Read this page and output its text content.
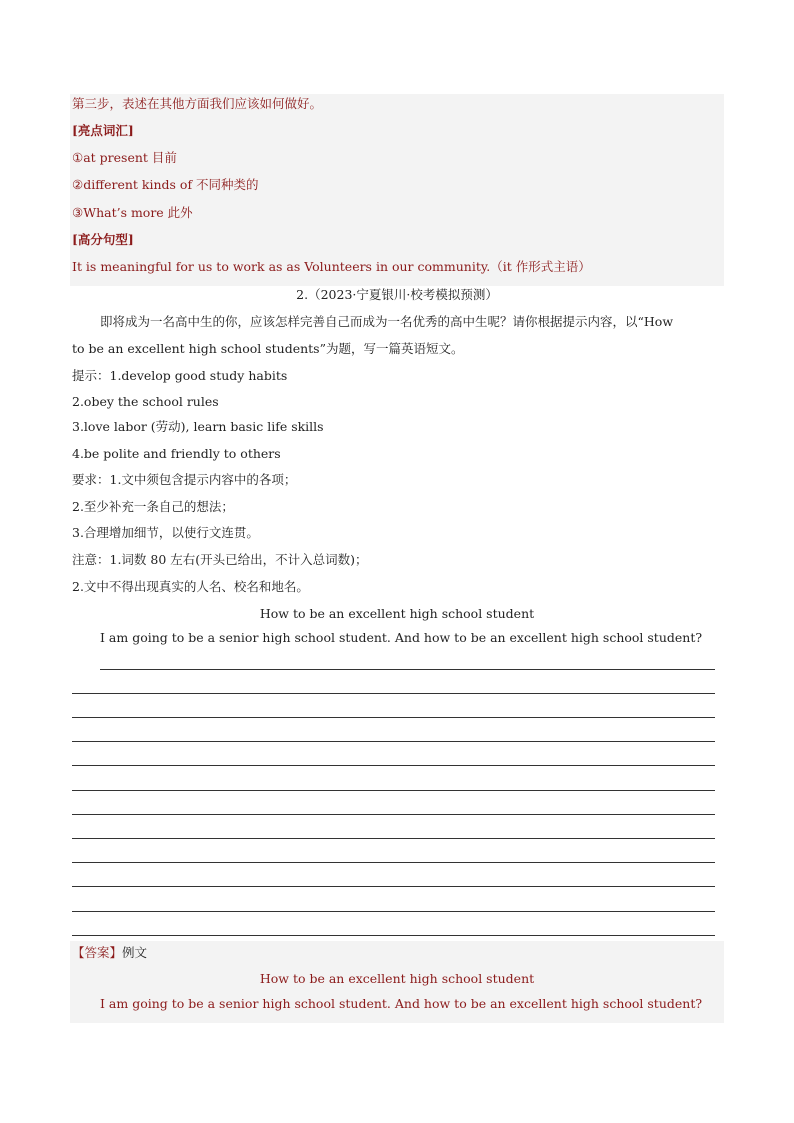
第三步，表述在其他方面我们应该如何做好。
[亮点词汇]
①at present 目前
②different kinds of 不同种类的
③What’s more 此外
[高分句型]
It is meaningful for us to work as as Volunteers in our community.（it 作形式主语）
2.（2023·宁夏银川·校考模拟预测）
即将成为一名高中生的你，应该怎样完善自己而成为一名优秀的高中生呢？请你根据提示内容，以“How
to be an excellent high school students”为题，写一篇英语短文。
提示：1.develop good study habits
2.obey the school rules
3.love labor (劳动), learn basic life skills
4.be polite and friendly to others
要求：1.文中须包含提示内容中的各项；
2.至少补充一条自己的想法；
3.合理增加细节，以使行文连贯。
注意：1.词数 80 左右(开头已给出，不计入总词数)；
2.文中不得出现真实的人名、校名和地名。
How to be an excellent high school student
I am going to be a senior high school student. And how to be an excellent high school student?
【答案】例文
How to be an excellent high school student
I am going to be a senior high school student. And how to be an excellent high school student?
